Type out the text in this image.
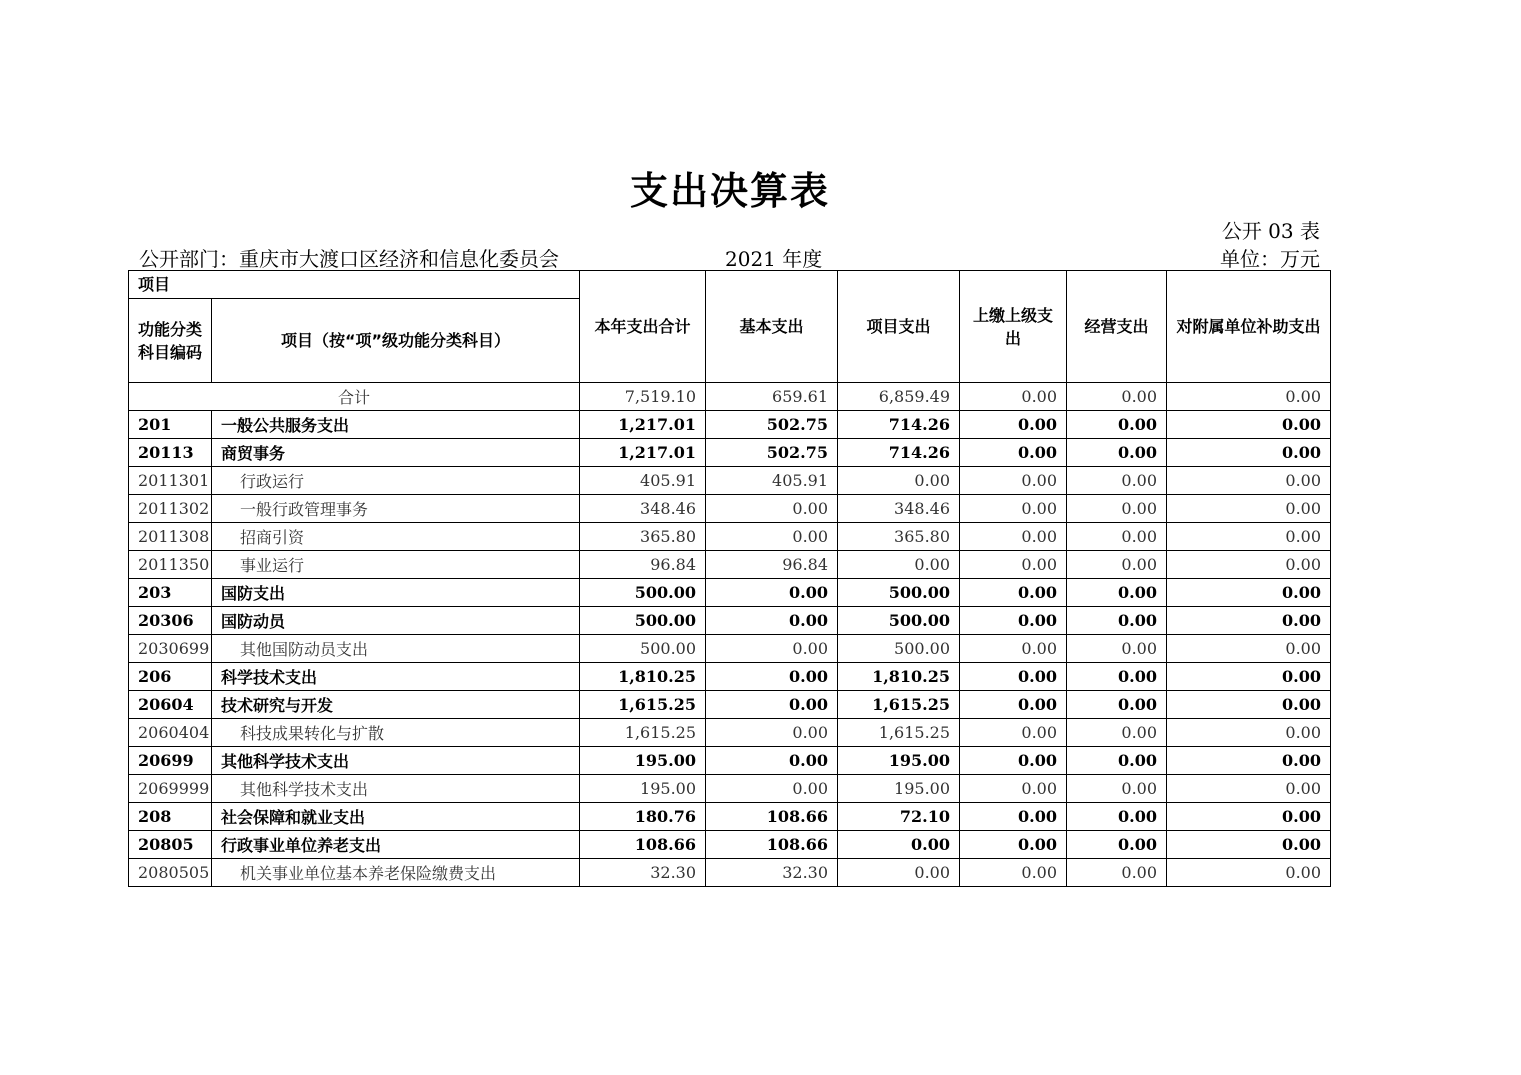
支出决算表
公开 03 表
公开部门：重庆市大渡口区经济和信息化委员会	2021 年度	单位：万元
项目		本年支出合计	基本支出	项目支出	上缴上级支出	经营支出	对附属单位补助支出
功能分类科目编码	项目（按“项”级功能分类科目）						
合计		7,519.10	659.61	6,859.49	0.00	0.00	0.00
201	一般公共服务支出	1,217.01	502.75	714.26	0.00	0.00	0.00
20113	商贸事务	1,217.01	502.75	714.26	0.00	0.00	0.00
2011301	行政运行	405.91	405.91	0.00	0.00	0.00	0.00
2011302	一般行政管理事务	348.46	0.00	348.46	0.00	0.00	0.00
2011308	招商引资	365.80	0.00	365.80	0.00	0.00	0.00
2011350	事业运行	96.84	96.84	0.00	0.00	0.00	0.00
203	国防支出	500.00	0.00	500.00	0.00	0.00	0.00
20306	国防动员	500.00	0.00	500.00	0.00	0.00	0.00
2030699	其他国防动员支出	500.00	0.00	500.00	0.00	0.00	0.00
206	科学技术支出	1,810.25	0.00	1,810.25	0.00	0.00	0.00
20604	技术研究与开发	1,615.25	0.00	1,615.25	0.00	0.00	0.00
2060404	科技成果转化与扩散	1,615.25	0.00	1,615.25	0.00	0.00	0.00
20699	其他科学技术支出	195.00	0.00	195.00	0.00	0.00	0.00
2069999	其他科学技术支出	195.00	0.00	195.00	0.00	0.00	0.00
208	社会保障和就业支出	180.76	108.66	72.10	0.00	0.00	0.00
20805	行政事业单位养老支出	108.66	108.66	0.00	0.00	0.00	0.00
2080505	机关事业单位基本养老保险缴费支出	32.30	32.30	0.00	0.00	0.00	0.00
